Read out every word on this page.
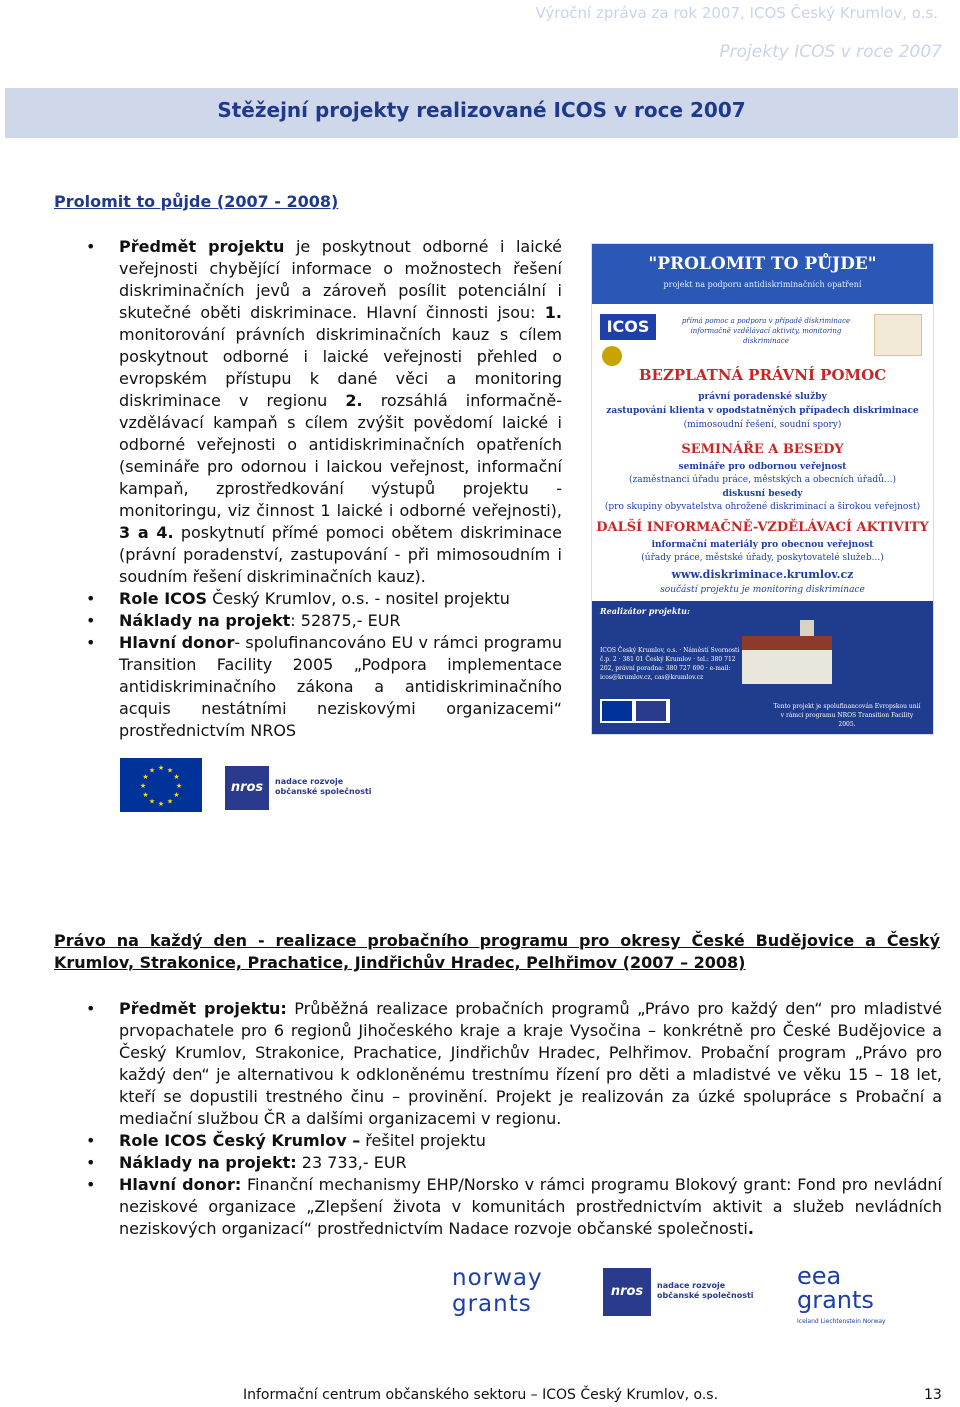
Výroční zpráva za rok 2007, ICOS Český Krumlov, o.s.
Projekty ICOS v roce 2007
Stěžejní projekty realizované ICOS v roce 2007
Prolomit to půjde (2007 - 2008)
• Předmět projektu je poskytnout odborné i laické veřejnosti chybějící informace o možnostech řešení diskriminačních jevů a zároveň posílit potenciální i skutečné oběti diskriminace. Hlavní činnosti jsou: 1. monitorování právních diskriminačních kauz s cílem poskytnout odborné i laické veřejnosti přehled o evropském přístupu k dané věci a monitoring diskriminace v regionu 2. rozsáhlá informačně-vzdělávací kampaň s cílem zvýšit povědomí laické i odborné veřejnosti o antidiskriminačních opatřeních (semináře pro odornou i laickou veřejnost, informační kampaň, zprostředkování výstupů projektu - monitoringu, viz činnost 1 laické i odborné veřejnosti), 3 a 4. poskytnutí přímé pomoci obětem diskriminace (právní poradenství, zastupování - při mimosoudním i soudním řešení diskriminačních kauz).
• Role ICOS Český Krumlov, o.s. - nositel projektu
• Náklady na projekt: 52875,- EUR
• Hlavní donor- spolufinancováno EU v rámci programu Transition Facility 2005 „Podpora implementace antidiskriminačního zákona a antidiskriminačního acquis nestátními neziskovými organizacemi“ prostřednictvím NROS
"PROLOMIT TO PŮJDE"
projekt na podporu antidiskriminačních opatření
ICOS	přímá pomoc a podpora v případě diskriminace
informačně vzdělávací aktivity, monitoring diskriminace
BEZPLATNÁ PRÁVNÍ POMOC
právní poradenské služby
zastupování klienta v opodstatněných případech diskriminace
(mimosoudní řešení, soudní spory)
SEMINÁŘE A BESEDY
semináře pro odbornou veřejnost
(zaměstnanci úřadu práce, městských a obecních úřadů...)
diskusní besedy
(pro skupiny obyvatelstva ohrožené diskriminací a širokou veřejnost)
DALŠÍ INFORMAČNĚ-VZDĚLÁVACÍ AKTIVITY
informační materiály pro obecnou veřejnost
(úřady práce, městské úřady, poskytovatelé služeb...)
www.diskriminace.krumlov.cz
součástí projektu je monitoring diskriminace
Realizátor projektu:
ICOS Český Krumlov, o.s. · Náměstí Svornosti č.p. 2 · 381 01 Český Krumlov · tel.: 380 712 202, právní poradna: 380 727 690 · e-mail: icos@krumlov.cz, cas@krumlov.cz
Tento projekt je spolufinancován Evropskou unií v rámci programu NROS Transition Facility 2005.
★ ★
★
★
★
★
★
★
★
★
★
★
nros	nadace rozvoje
občanské společnosti
Právo na každý den - realizace probačního programu pro okresy České Budějovice a Český Krumlov, Strakonice, Prachatice, Jindřichův Hradec, Pelhřimov (2007 – 2008)
• Předmět projektu: Průběžná realizace probačních programů „Právo pro každý den“ pro mladistvé prvopachatele pro 6 regionů Jihočeského kraje a kraje Vysočina – konkrétně pro České Budějovice a Český Krumlov, Strakonice, Prachatice, Jindřichův Hradec, Pelhřimov. Probační program „Právo pro každý den“ je alternativou k odkloněnému trestnímu řízení pro děti a mladistvé ve věku 15 – 18 let, kteří se dopustili trestného činu – provinění. Projekt je realizován za úzké spolupráce s Probační a mediační službou ČR a dalšími organizacemi v regionu.
• Role ICOS Český Krumlov – řešitel projektu
• Náklady na projekt: 23 733,- EUR
• Hlavní donor: Finanční mechanismy EHP/Norsko v rámci programu Blokový grant: Fond pro nevládní neziskové organizace „Zlepšení života v komunitách prostřednictvím aktivit a služeb nevládních neziskových organizací“ prostřednictvím Nadace rozvoje občanské společnosti.
norway
grants	nros	nadace rozvoje
občanské společnosti
eea
grants
Iceland Liechtenstein Norway
Informační centrum občanského sektoru – ICOS Český Krumlov, o.s.	13
